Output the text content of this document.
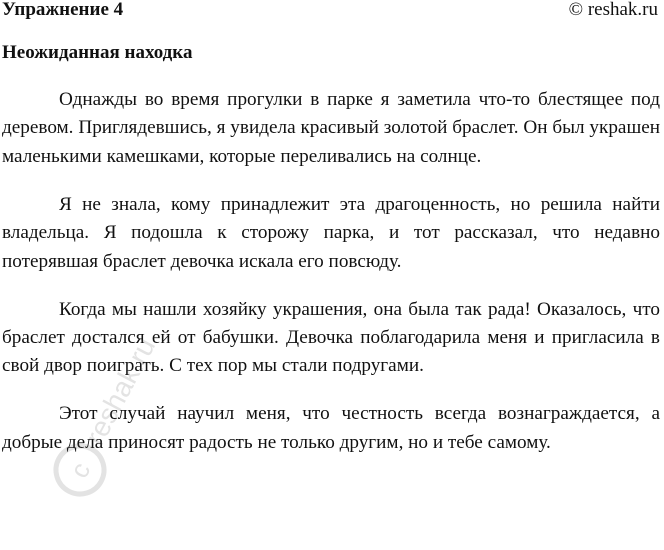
Упражнение 4	© reshak.ru
Неожиданная находка

Однажды во время прогулки в парке я заметила что-то блестящее под деревом. Приглядевшись, я увидела красивый золотой браслет. Он был украшен маленькими камешками, которые переливались на солнце.

Я не знала, кому принадлежит эта драгоценность, но решила найти владельца. Я подошла к сторожу парка, и тот рассказал, что недавно потерявшая браслет девочка искала его повсюду.

Когда мы нашли хозяйку украшения, она была так рада! Оказалось, что браслет достался ей от бабушки. Девочка поблагодарила меня и пригласила в свой двор поиграть. С тех пор мы стали подругами.

Этот случай научил меня, что честность всегда вознаграждается, а добрые дела приносят радость не только другим, но и тебе самому.

c
reshak.ru
